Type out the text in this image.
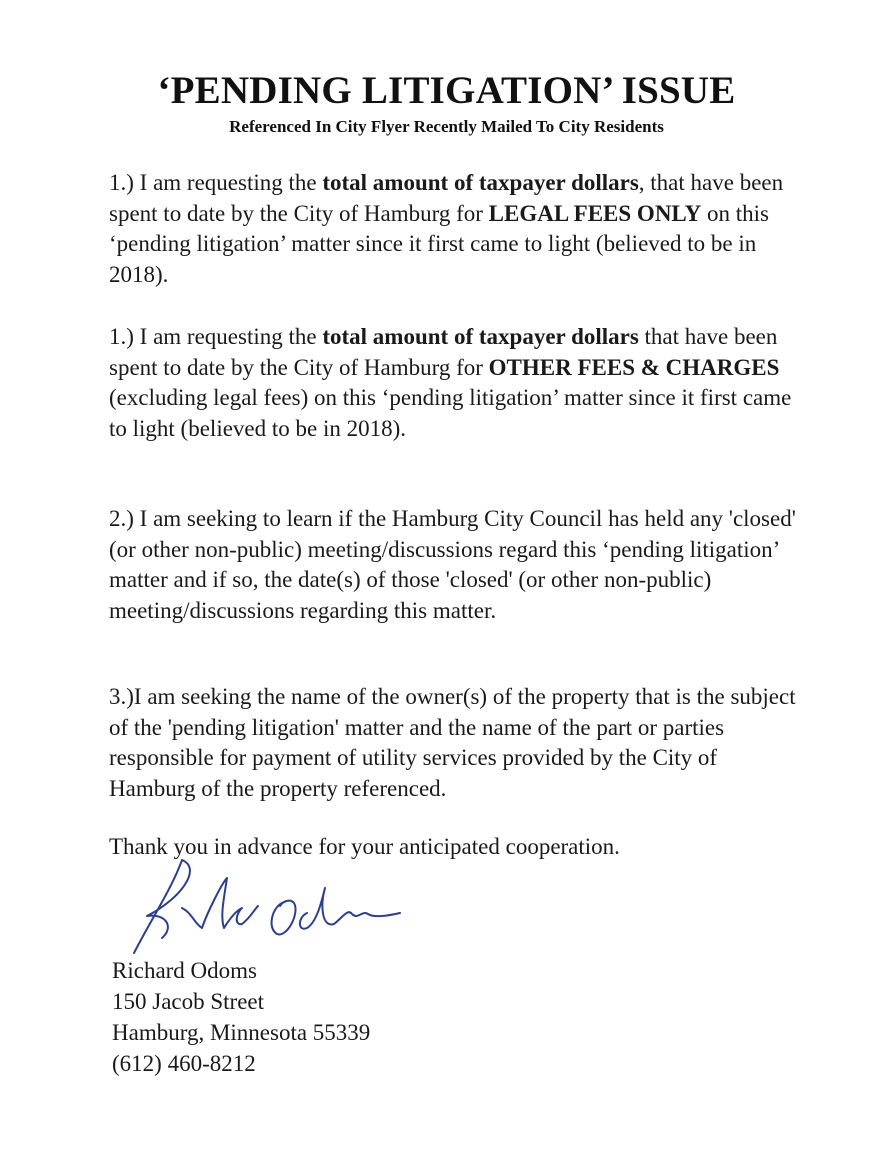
‘PENDING LITIGATION’ ISSUE
Referenced In City Flyer Recently Mailed To City Residents
1.) I am requesting the total amount of taxpayer dollars, that have been spent to date by the City of Hamburg for LEGAL FEES ONLY on this ‘pending litigation’ matter since it first came to light (believed to be in 2018).
1.) I am requesting the total amount of taxpayer dollars that have been spent to date by the City of Hamburg for OTHER FEES & CHARGES (excluding legal fees) on this ‘pending litigation’ matter since it first came to light (believed to be in 2018).
2.) I am seeking to learn if the Hamburg City Council has held any 'closed' (or other non-public) meeting/discussions regard this ‘pending litigation’ matter and if so, the date(s) of those 'closed' (or other non-public) meeting/discussions regarding this matter.
3.)I am seeking the name of the owner(s) of the property that is the subject of the 'pending litigation' matter and the name of the part or parties responsible for payment of utility services provided by the City of Hamburg of the property referenced.
Thank you in advance for your anticipated cooperation.
Richard Odoms
150 Jacob Street
Hamburg, Minnesota 55339
(612) 460-8212
